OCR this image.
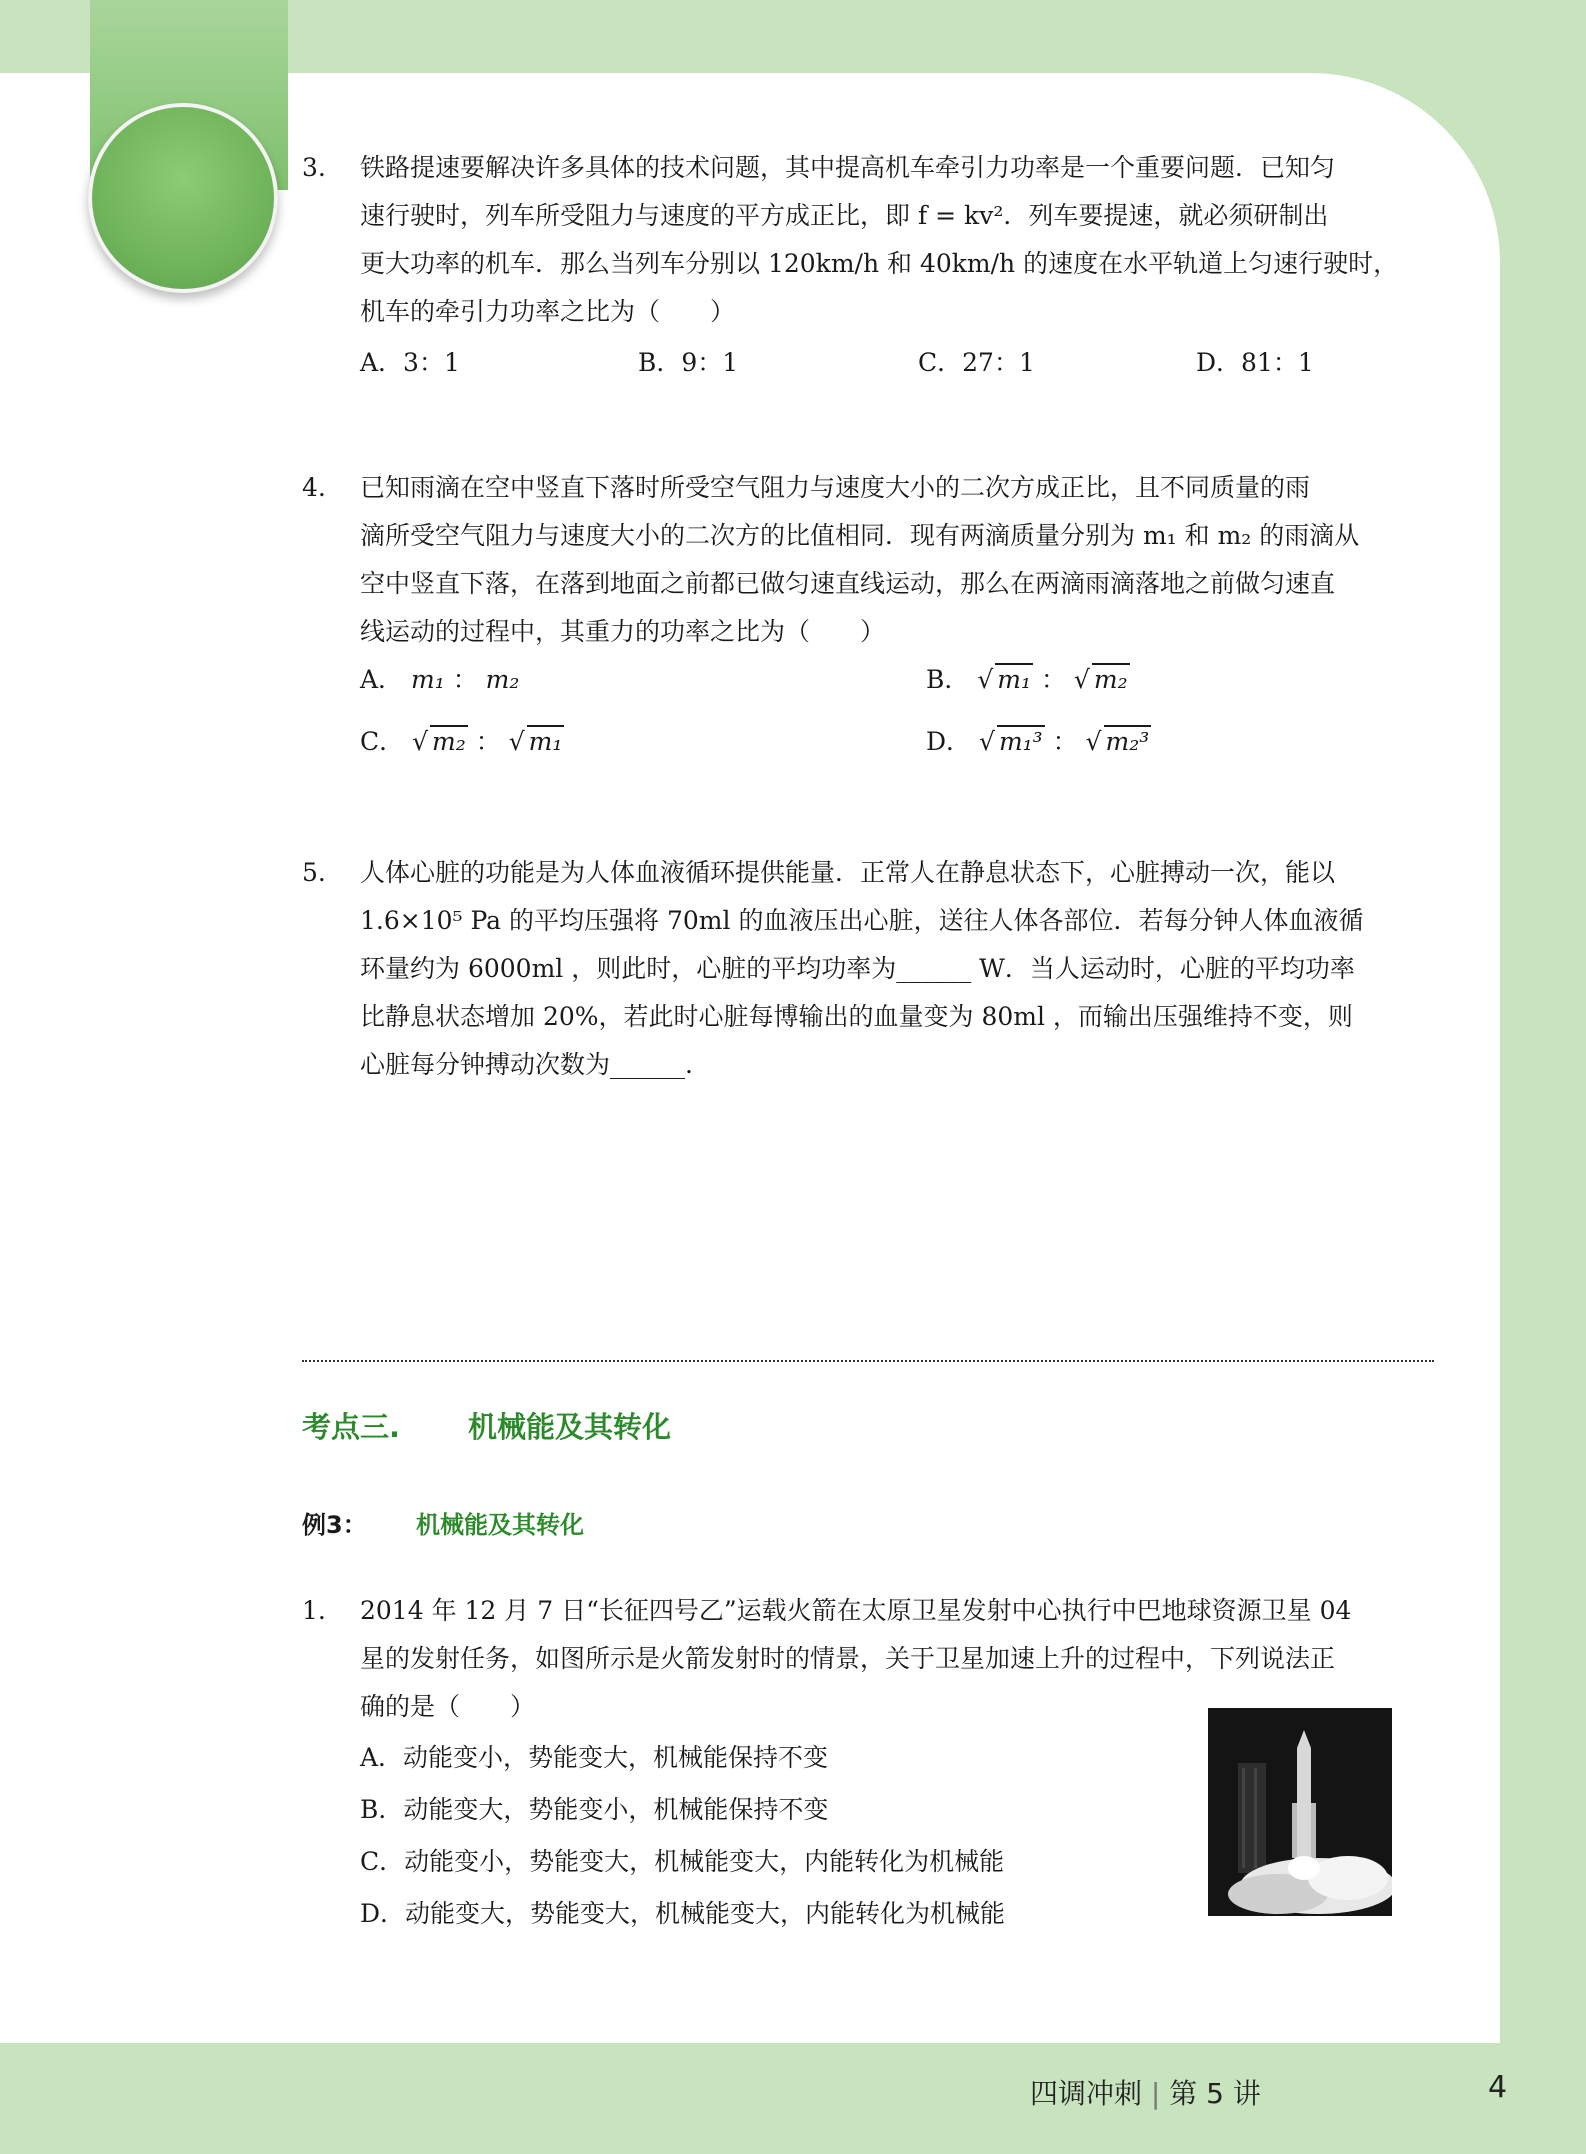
3.	铁路提速要解决许多具体的技术问题，其中提高机车牵引力功率是一个重要问题．已知匀
速行驶时，列车所受阻力与速度的平方成正比，即 f = kv²．列车要提速，就必须研制出
更大功率的机车．那么当列车分别以 120km/h 和 40km/h 的速度在水平轨道上匀速行驶时，
机车的牵引力功率之比为（　　）
A．3：1	B．9：1	C．27：1	D．81：1
4.	已知雨滴在空中竖直下落时所受空气阻力与速度大小的二次方成正比，且不同质量的雨
滴所受空气阻力与速度大小的二次方的比值相同．现有两滴质量分别为 m₁ 和 m₂ 的雨滴从
空中竖直下落，在落到地面之前都已做匀速直线运动，那么在两滴雨滴落地之前做匀速直
线运动的过程中，其重力的功率之比为（　　）
A． m₁ ： m₂	B． √ m₁ ： √ m₂
C． √ m₂ ： √ m₁	D． √ m₁³ ： √ m₂³
5.	人体心脏的功能是为人体血液循环提供能量．正常人在静息状态下，心脏搏动一次，能以
1.6×10⁵ Pa 的平均压强将 70ml 的血液压出心脏，送往人体各部位．若每分钟人体血液循
环量约为 6000ml ，则此时，心脏的平均功率为______ W．当人运动时，心脏的平均功率
比静息状态增加 20%，若此时心脏每博输出的血量变为 80ml ，而输出压强维持不变，则
心脏每分钟搏动次数为______.
考点三. 机械能及其转化
例3： 机械能及其转化
1.	2014 年 12 月 7 日“长征四号乙”运载火箭在太原卫星发射中心执行中巴地球资源卫星 04
星的发射任务，如图所示是火箭发射时的情景，关于卫星加速上升的过程中，下列说法正
确的是（　　）
A．动能变小，势能变大，机械能保持不变
B．动能变大，势能变小，机械能保持不变
C．动能变小，势能变大，机械能变大，内能转化为机械能
D．动能变大，势能变大，机械能变大，内能转化为机械能
四调冲刺 | 第 5 讲	4
